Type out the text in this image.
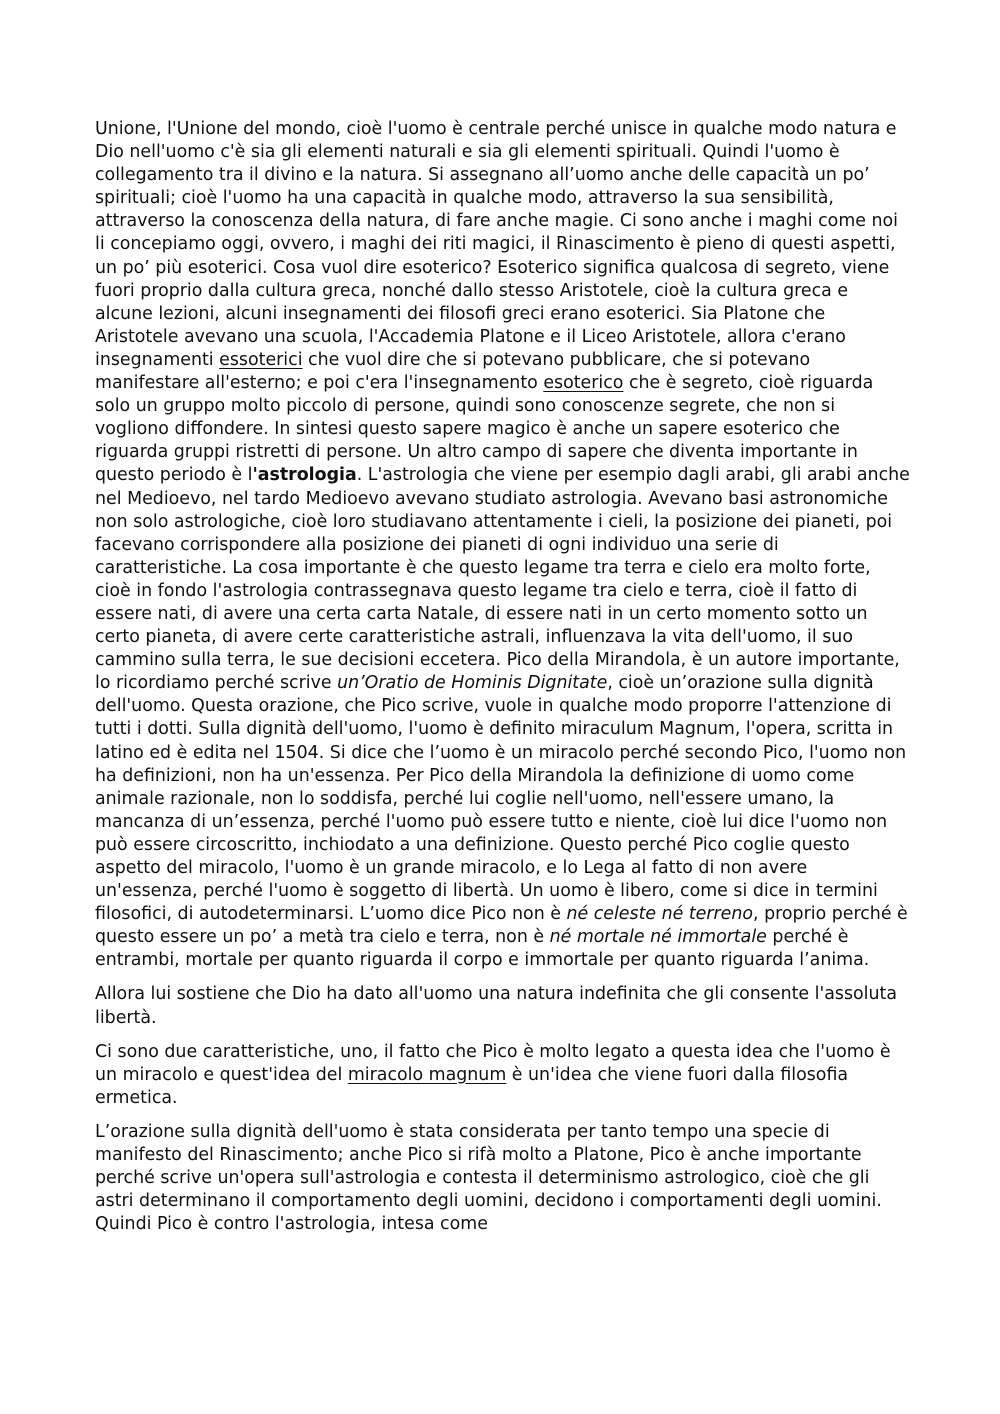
Unione, l'Unione del mondo, cioè l'uomo è centrale perché unisce in qualche modo natura e Dio nell'uomo c'è sia gli elementi naturali e sia gli elementi spirituali. Quindi l'uomo è collegamento tra il divino e la natura. Si assegnano all’uomo anche delle capacità un po’ spirituali; cioè l'uomo ha una capacità in qualche modo, attraverso la sua sensibilità, attraverso la conoscenza della natura, di fare anche magie. Ci sono anche i maghi come noi li concepiamo oggi, ovvero, i maghi dei riti magici, il Rinascimento è pieno di questi aspetti, un po’ più esoterici. Cosa vuol dire esoterico? Esoterico significa qualcosa di segreto, viene fuori proprio dalla cultura greca, nonché dallo stesso Aristotele, cioè la cultura greca e alcune lezioni, alcuni insegnamenti dei filosofi greci erano esoterici. Sia Platone che Aristotele avevano una scuola, l'Accademia Platone e il Liceo Aristotele, allora c'erano insegnamenti essoterici che vuol dire che si potevano pubblicare, che si potevano manifestare all'esterno; e poi c'era l'insegnamento esoterico che è segreto, cioè riguarda solo un gruppo molto piccolo di persone, quindi sono conoscenze segrete, che non si vogliono diffondere. In sintesi questo sapere magico è anche un sapere esoterico che riguarda gruppi ristretti di persone. Un altro campo di sapere che diventa importante in questo periodo è l'astrologia. L'astrologia che viene per esempio dagli arabi, gli arabi anche nel Medioevo, nel tardo Medioevo avevano studiato astrologia. Avevano basi astronomiche non solo astrologiche, cioè loro studiavano attentamente i cieli, la posizione dei pianeti, poi facevano corrispondere alla posizione dei pianeti di ogni individuo una serie di caratteristiche. La cosa importante è che questo legame tra terra e cielo era molto forte, cioè in fondo l'astrologia contrassegnava questo legame tra cielo e terra, cioè il fatto di essere nati, di avere una certa carta Natale, di essere nati in un certo momento sotto un certo pianeta, di avere certe caratteristiche astrali, influenzava la vita dell'uomo, il suo cammino sulla terra, le sue decisioni eccetera. Pico della Mirandola, è un autore importante, lo ricordiamo perché scrive un’Oratio de Hominis Dignitate, cioè un’orazione sulla dignità dell'uomo. Questa orazione, che Pico scrive, vuole in qualche modo proporre l'attenzione di tutti i dotti. Sulla dignità dell'uomo, l'uomo è definito miraculum Magnum, l'opera, scritta in latino ed è edita nel 1504. Si dice che l’uomo è un miracolo perché secondo Pico, l'uomo non ha definizioni, non ha un'essenza. Per Pico della Mirandola la definizione di uomo come animale razionale, non lo soddisfa, perché lui coglie nell'uomo, nell'essere umano, la mancanza di un’essenza, perché l'uomo può essere tutto e niente, cioè lui dice l'uomo non può essere circoscritto, inchiodato a una definizione. Questo perché Pico coglie questo aspetto del miracolo, l'uomo è un grande miracolo, e lo Lega al fatto di non avere un'essenza, perché l'uomo è soggetto di libertà. Un uomo è libero, come si dice in termini filosofici, di autodeterminarsi. L’uomo dice Pico non è né celeste né terreno, proprio perché è questo essere un po’ a metà tra cielo e terra, non è né mortale né immortale perché è entrambi, mortale per quanto riguarda il corpo e immortale per quanto riguarda l’anima.

Allora lui sostiene che Dio ha dato all'uomo una natura indefinita che gli consente l'assoluta libertà.

Ci sono due caratteristiche, uno, il fatto che Pico è molto legato a questa idea che l'uomo è un miracolo e quest'idea del miracolo magnum è un'idea che viene fuori dalla filosofia ermetica.

L’orazione sulla dignità dell'uomo è stata considerata per tanto tempo una specie di manifesto del Rinascimento; anche Pico si rifà molto a Platone, Pico è anche importante perché scrive un'opera sull'astrologia e contesta il determinismo astrologico, cioè che gli astri determinano il comportamento degli uomini, decidono i comportamenti degli uomini. Quindi Pico è contro l'astrologia, intesa come
